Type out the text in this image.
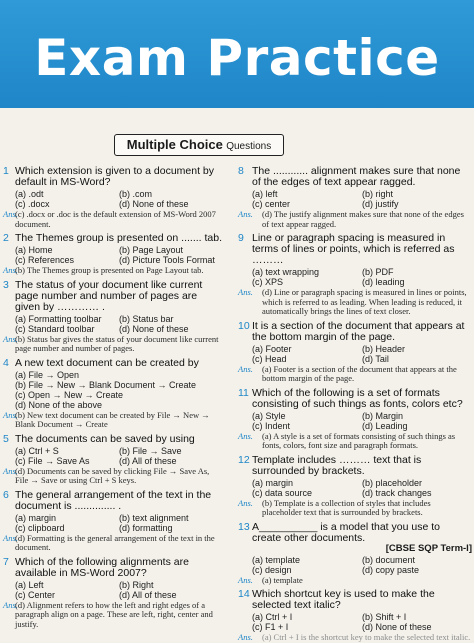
Exam Practice
Multiple Choice Questions
1 Which extension is given to a document by default in MS-Word?
(a) .odt	(b) .com
(c) .docx	(d) None of these
Ans.
(c) .docx or .doc is the default extension of MS-Word 2007 document.
2 The Themes group is presented on ....... tab.
(a) Home	(b) Page Layout
(c) References	(d) Picture Tools Format
Ans.
(b) The Themes group is presented on Page Layout tab.
3 The status of your document like current page number and number of pages are given by ………… .
(a) Formatting toolbar	(b) Status bar
(c) Standard toolbar	(d) None of these
Ans.
(b) Status bar gives the status of your document like current page number and number of pages.
4 A new text document can be created by
(a) File → Open
(b) File → New → Blank Document → Create
(c) Open → New → Create
(d) None of the above
Ans.
(b) New text document can be created by File → New → Blank Document → Create
5 The documents can be saved by using
(a) Ctrl + S	(b) File → Save
(c) File → Save As	(d) All of these
Ans.
(d) Documents can be saved by clicking File → Save As, File → Save or using Ctrl + S keys.
6 The general arrangement of the text in the document is .............. .
(a) margin	(b) text alignment
(c) clipboard	(d) formatting
Ans.
(d) Formatting is the general arrangement of the text in the document.
7 Which of the following alignments are available in MS-Word 2007?
(a) Left	(b) Right
(c) Center	(d) All of these
Ans.
(d) Alignment refers to how the left and right edges of a paragraph align on a page. These are left, right, center and justify.
8 The ............ alignment makes sure that none of the edges of text appear ragged.
(a) left	(b) right
(c) center	(d) justify
Ans.	(d) The justify alignment makes sure that none of the edges of text appear ragged.
9 Line or paragraph spacing is measured in terms of lines or points, which is referred as ………
(a) text wrapping	(b) PDF
(c) XPS	(d) leading
Ans.	(d) Line or paragraph spacing is measured in lines or points, which is referred to as leading. When leading is reduced, it automatically brings the lines of text closer.
10 It is a section of the document that appears at the bottom margin of the page.
(a) Footer	(b) Header
(c) Head	(d) Tail
Ans.	(a) Footer is a section of the document that appears at the bottom margin of the page.
11 Which of the following is a set of formats consisting of such things as fonts, colors etc?
(a) Style	(b) Margin
(c) Indent	(d) Leading
Ans.	(a) A style is a set of formats consisting of such things as fonts, colors, font size and paragraph formats.
12 Template includes ……… text that is surrounded by brackets.
(a) margin	(b) placeholder
(c) data source	(d) track changes
Ans.	(b) Template is a collection of styles that includes placeholder text that is surrounded by brackets.
13 A__________ is a model that you use to create other documents.
[CBSE SQP Term-I]
(a) template	(b) document
(c) design	(d) copy paste
Ans.	(a) template
14 Which shortcut key is used to make the selected text italic?
(a) Ctrl + I	(b) Shift + I
(c) F1 + I	(d) None of these
Ans.	(a) Ctrl + I is the shortcut key to make the selected text italic.
